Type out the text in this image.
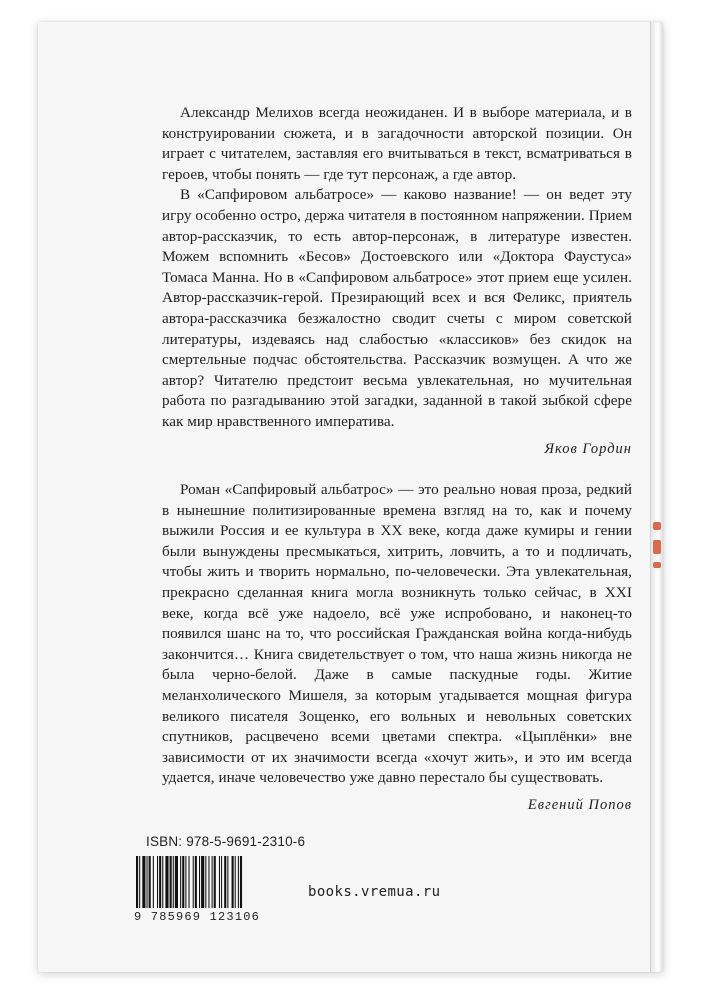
Александр Мелихов всегда неожиданен. И в выборе материала, и в конструировании сюжета, и в загадочности авторской позиции. Он играет с читателем, заставляя его вчитываться в текст, всматриваться в героев, чтобы понять — где тут персонаж, а где автор.

В «Сапфировом альбатросе» — каково название! — он ведет эту игру особенно остро, держа читателя в постоянном напряжении. Прием автор-рассказчик, то есть автор-персонаж, в литературе известен. Можем вспомнить «Бесов» Достоевского или «Доктора Фаустуса» Томаса Манна. Но в «Сапфировом альбатросе» этот прием еще усилен. Автор-рассказчик-герой. Презирающий всех и вся Феликс, приятель автора-рассказчика безжалостно сводит счеты с миром советской литературы, издеваясь над слабостью «классиков» без скидок на смертельные подчас обстоятельства. Рассказчик возмущен. А что же автор? Читателю предстоит весьма увлекательная, но мучительная работа по разгадыванию этой загадки, заданной в такой зыбкой сфере как мир нравственного императива.

Яков Гордин

Роман «Сапфировый альбатрос» — это реально новая проза, редкий в нынешние политизированные времена взгляд на то, как и почему выжили Россия и ее культура в XX веке, когда даже кумиры и гении были вынуждены пресмыкаться, хитрить, ловчить, а то и подличать, чтобы жить и творить нормально, по-человечески. Эта увлекательная, прекрасно сделанная книга могла возникнуть только сейчас, в XXI веке, когда всё уже надоело, всё уже испробовано, и наконец-то появился шанс на то, что российская Гражданская война когда-нибудь закончится… Книга свидетельствует о том, что наша жизнь никогда не была черно-белой. Даже в самые паскудные годы. Житие меланхолического Мишеля, за которым угадывается мощная фигура великого писателя Зощенко, его вольных и невольных советских спутников, расцвечено всеми цветами спектра. «Цыплёнки» вне зависимости от их значимости всегда «хочут жить», и это им всегда удается, иначе человечество уже давно перестало бы существовать.

Евгений Попов
ISBN: 978-5-9691-2310-6
9 785969 123106
books.vremua.ru
